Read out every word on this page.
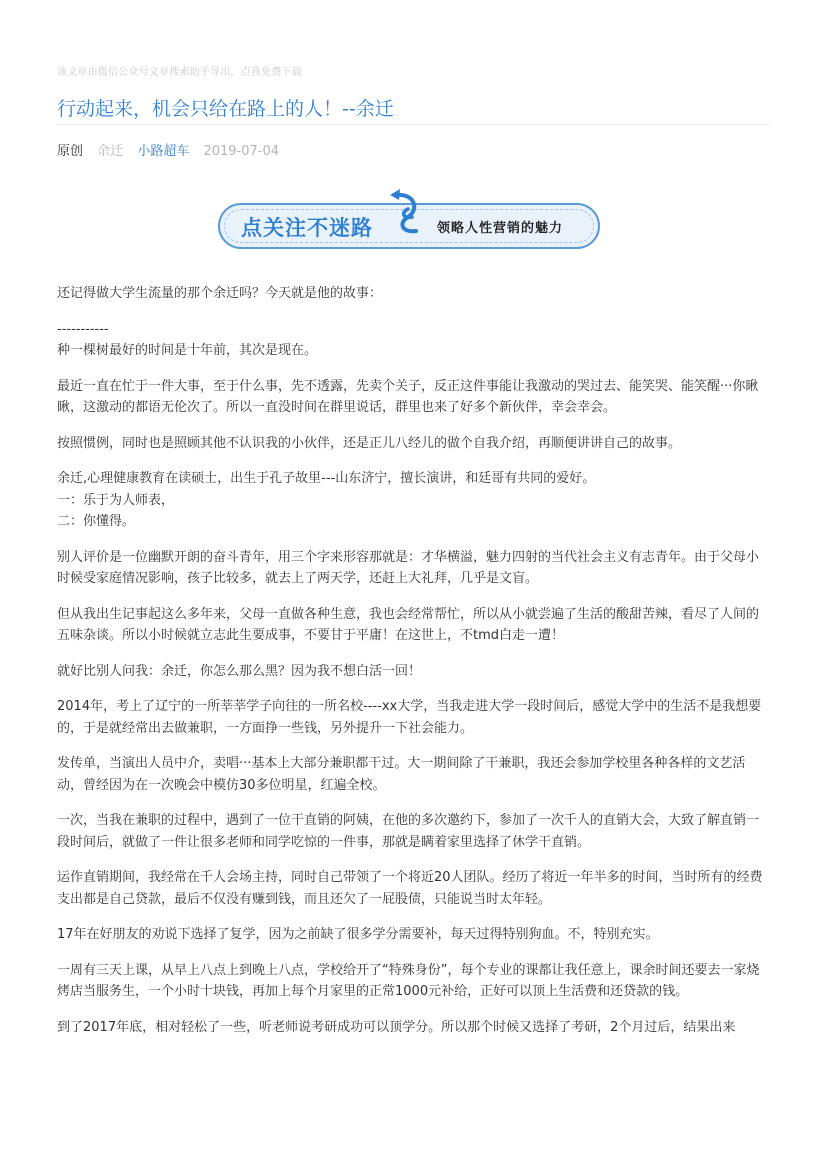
该文章由微信公众号文章搜索助手导出，点我免费下载
行动起来，机会只给在路上的人！--余迁
原创 余迁 小路超车 2019-07-04
点关注不迷路	领略人性营销的魅力

还记得做大学生流量的那个余迁吗？今天就是他的故事：

-----------

种一棵树最好的时间是十年前，其次是现在。

最近一直在忙于一件大事，至于什么事，先不透露，先卖个关子，反正这件事能让我激动的哭过去、能笑哭、能笑醒···你瞅瞅，这激动的都语无伦次了。所以一直没时间在群里说话，群里也来了好多个新伙伴，幸会幸会。

按照惯例，同时也是照顾其他不认识我的小伙伴，还是正儿八经儿的做个自我介绍，再顺便讲讲自己的故事。

余迁,心理健康教育在读硕士，出生于孔子故里---山东济宁，擅长演讲，和廷哥有共同的爱好。

一：乐于为人师表，

二：你懂得。

别人评价是一位幽默开朗的奋斗青年，用三个字来形容那就是：才华横溢，魅力四射的当代社会主义有志青年。由于父母小时候受家庭情况影响，孩子比较多，就去上了两天学，还赶上大礼拜，几乎是文盲。

但从我出生记事起这么多年来，父母一直做各种生意，我也会经常帮忙，所以从小就尝遍了生活的酸甜苦辣，看尽了人间的五味杂谈。所以小时候就立志此生要成事，不要甘于平庸！在这世上，不tmd白走一遭！

就好比别人问我：余迁，你怎么那么黑？因为我不想白活一回！

2014年，考上了辽宁的一所莘莘学子向往的一所名校----xx大学，当我走进大学一段时间后，感觉大学中的生活不是我想要的，于是就经常出去做兼职，一方面挣一些钱，另外提升一下社会能力。

发传单，当演出人员中介，卖唱···基本上大部分兼职都干过。大一期间除了干兼职，我还会参加学校里各种各样的文艺活动，曾经因为在一次晚会中模仿30多位明星，红遍全校。

一次，当我在兼职的过程中，遇到了一位干直销的阿姨，在他的多次邀约下，参加了一次千人的直销大会，大致了解直销一段时间后，就做了一件让很多老师和同学吃惊的一件事，那就是瞒着家里选择了休学干直销。

运作直销期间，我经常在千人会场主持，同时自己带领了一个将近20人团队。经历了将近一年半多的时间，当时所有的经费支出都是自己贷款，最后不仅没有赚到钱，而且还欠了一屁股债，只能说当时太年轻。

17年在好朋友的劝说下选择了复学，因为之前缺了很多学分需要补，每天过得特别狗血。不，特别充实。

一周有三天上课，从早上八点上到晚上八点，学校给开了“特殊身份”，每个专业的课都让我任意上，课余时间还要去一家烧烤店当服务生，一个小时十块钱，再加上每个月家里的正常1000元补给，正好可以顶上生活费和还贷款的钱。

到了2017年底，相对轻松了一些，听老师说考研成功可以顶学分。所以那个时候又选择了考研，2个月过后，结果出来
